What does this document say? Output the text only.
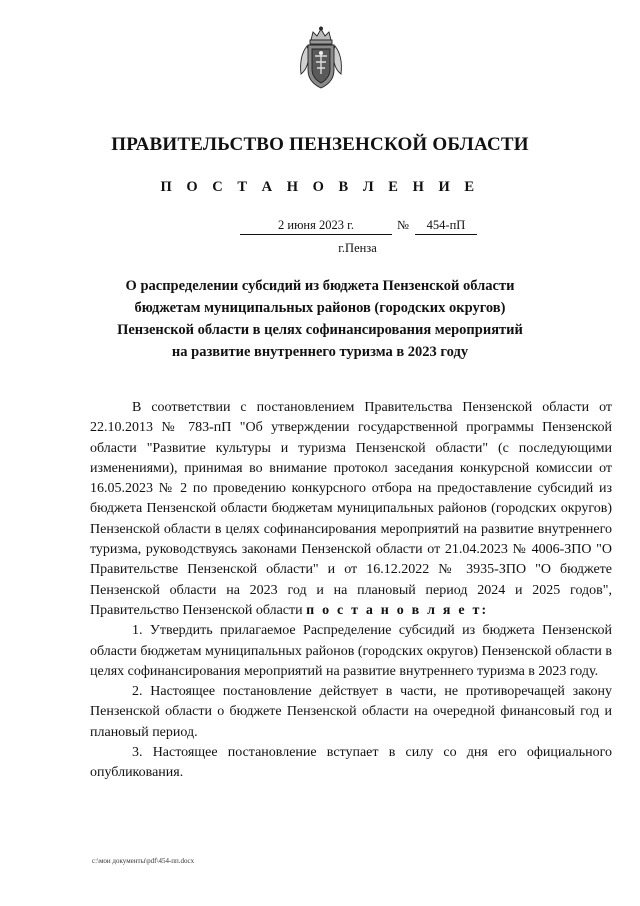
ПРАВИТЕЛЬСТВО ПЕНЗЕНСКОЙ ОБЛАСТИ
П О С Т А Н О В Л Е Н И Е
2 июня 2023 г.	№	454-пП
г.Пенза
О распределении субсидий из бюджета Пензенской области
бюджетам муниципальных районов (городских округов)
Пензенской области в целях софинансирования мероприятий
на развитие внутреннего туризма в 2023 году

В соответствии с постановлением Правительства Пензенской области от 22.10.2013 № 783-пП "Об утверждении государственной программы Пензенской области "Развитие культуры и туризма Пензенской области" (с последующими изменениями), принимая во внимание протокол заседания конкурсной комиссии от 16.05.2023 № 2 по проведению конкурсного отбора на предоставление субсидий из бюджета Пензенской области бюджетам муниципальных районов (городских округов) Пензенской области в целях софинансирования мероприятий на развитие внутреннего туризма, руководствуясь законами Пензенской области от 21.04.2023 № 4006-ЗПО "О Правительстве Пензенской области" и от 16.12.2022 № 3935-ЗПО "О бюджете Пензенской области на 2023 год и на плановый период 2024 и 2025 годов", Правительство Пензенской области п о с т а н о в л я е т:

1. Утвердить прилагаемое Распределение субсидий из бюджета Пензенской области бюджетам муниципальных районов (городских округов) Пензенской области в целях софинансирования мероприятий на развитие внутреннего туризма в 2023 году.

2. Настоящее постановление действует в части, не противоречащей закону Пензенской области о бюджете Пензенской области на очередной финансовый год и плановый период.

3. Настоящее постановление вступает в силу со дня его официального опубликования.

c:\мои документы\pdf\454-пп.docx
